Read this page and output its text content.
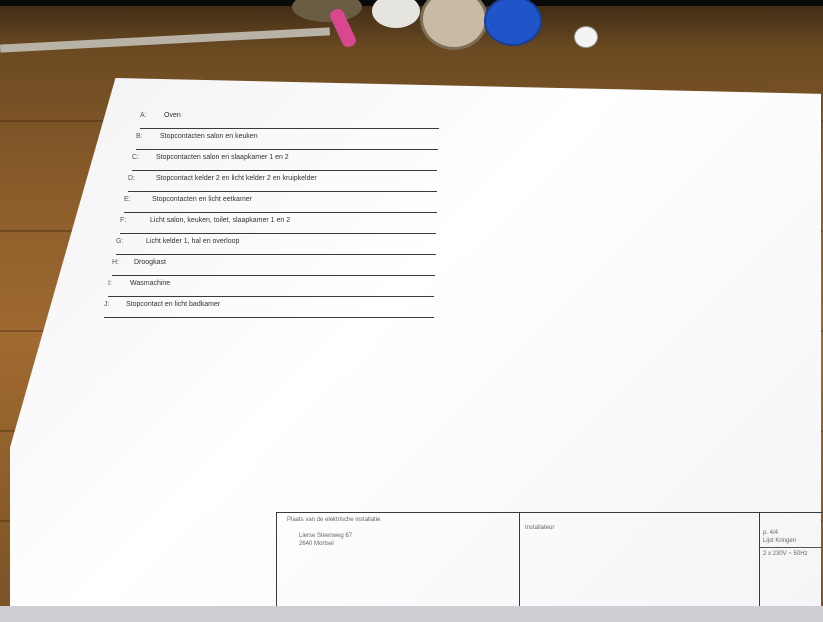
A: Oven
B: Stopcontacten salon en keuken
C: Stopcontacten salon en slaapkamer 1 en 2
D:	Stopcontact kelder 2 en licht kelder 2 en kruipkelder
E:	Stopcontacten en licht eetkamer
F:	Licht salon, keuken, toilet, slaapkamer 1 en 2
G:	Licht kelder 1, hal en overloop
H: Droogkast
I:	Wasmachine
J: Stopcontact en licht badkamer
Plaats van de elektrische installatie
Lierse Steenweg 67
2640 Mortsel
Installateur
p. 4/4
Lijst Kringen
2 x 230V ~ 50Hz
